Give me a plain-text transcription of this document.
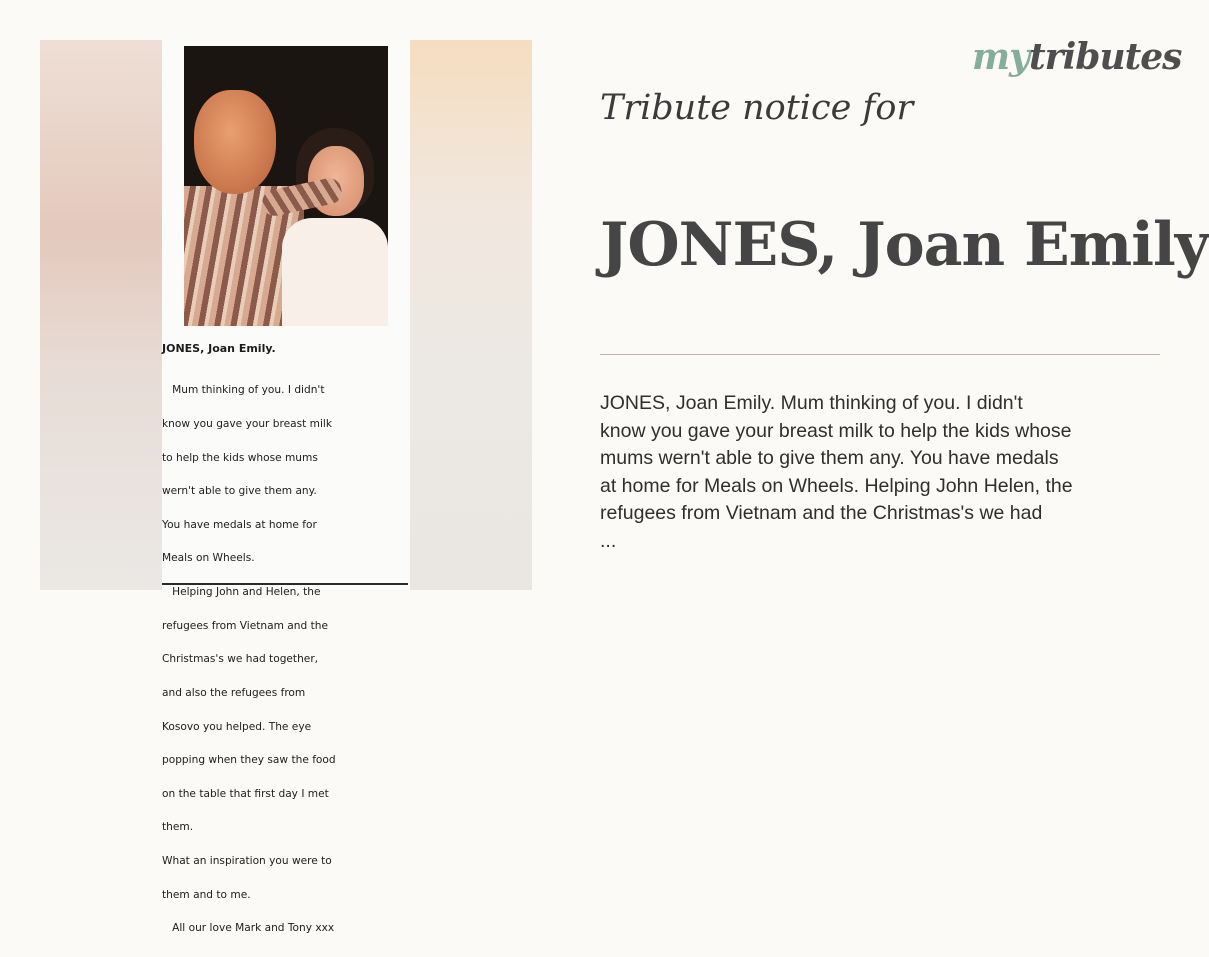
JONES, Joan Emily.

Mum thinking of you. I didn't

know you gave your breast milk

to help the kids whose mums

wern't able to give them any.

You have medals at home for

Meals on Wheels.

Helping John and Helen, the

refugees from Vietnam and the

Christmas's we had together,

and also the refugees from

Kosovo you helped. The eye

popping when they saw the food

on the table that first day I met

them.

What an inspiration you were to

them and to me.

All our love Mark and Tony xxx

mytributes
Tribute notice for
JONES, Joan Emily
JONES, Joan Emily. Mum thinking of you. I didn't
know you gave your breast milk to help the kids whose
mums wern't able to give them any. You have medals
at home for Meals on Wheels. Helping John Helen, the
refugees from Vietnam and the Christmas's we had
...
